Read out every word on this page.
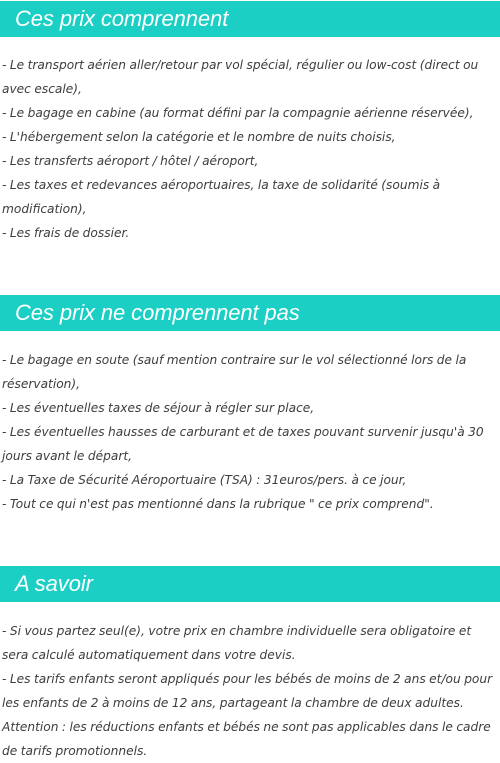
Ces prix comprennent
- Le transport aérien aller/retour par vol spécial, régulier ou low-cost (direct ou avec escale),
- Le bagage en cabine (au format défini par la compagnie aérienne réservée),
- L'hébergement selon la catégorie et le nombre de nuits choisis,
- Les transferts aéroport / hôtel / aéroport,
- Les taxes et redevances aéroportuaires, la taxe de solidarité (soumis à modification),
- Les frais de dossier.
Ces prix ne comprennent pas
- Le bagage en soute (sauf mention contraire sur le vol sélectionné lors de la réservation),
- Les éventuelles taxes de séjour à régler sur place,
- Les éventuelles hausses de carburant et de taxes pouvant survenir jusqu'à 30 jours avant le départ,
- La Taxe de Sécurité Aéroportuaire (TSA) : 31euros/pers. à ce jour,
- Tout ce qui n'est pas mentionné dans la rubrique " ce prix comprend".
A savoir
- Si vous partez seul(e), votre prix en chambre individuelle sera obligatoire et sera calculé automatiquement dans votre devis.
- Les tarifs enfants seront appliqués pour les bébés de moins de 2 ans et/ou pour les enfants de 2 à moins de 12 ans, partageant la chambre de deux adultes.
Attention : les réductions enfants et bébés ne sont pas applicables dans le cadre de tarifs promotionnels.
